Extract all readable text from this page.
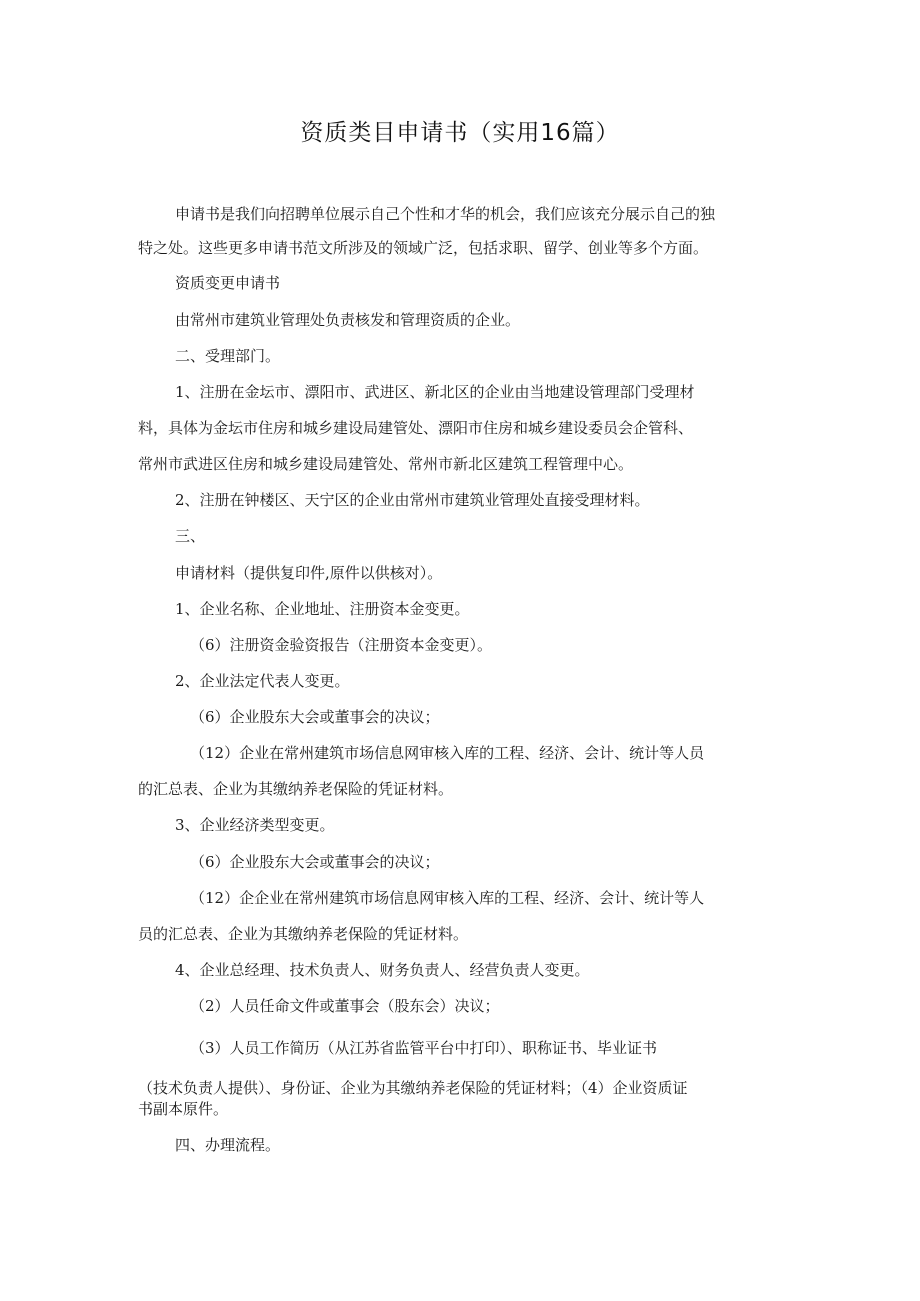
资质类目申请书（实用16篇）
申请书是我们向招聘单位展示自己个性和才华的机会，我们应该充分展示自己的独
特之处。这些更多申请书范文所涉及的领域广泛，包括求职、留学、创业等多个方面。
资质变更申请书
由常州市建筑业管理处负责核发和管理资质的企业。
二、受理部门。
1、注册在金坛市、漂阳市、武进区、新北区的企业由当地建设管理部门受理材
料，具体为金坛市住房和城乡建设局建管处、漂阳市住房和城乡建设委员会企管科、
常州市武进区住房和城乡建设局建管处、常州市新北区建筑工程管理中心。
2、注册在钟楼区、天宁区的企业由常州市建筑业管理处直接受理材料。
三、
申请材料（提供复印件,原件以供核对）。
1、企业名称、企业地址、注册资本金变更。
（6）注册资金验资报告（注册资本金变更）。
2、企业法定代表人变更。
（6）企业股东大会或董事会的决议；
（12）企业在常州建筑市场信息网审核入库的工程、经济、会计、统计等人员
的汇总表、企业为其缴纳养老保险的凭证材料。
3、企业经济类型变更。
（6）企业股东大会或董事会的决议；
（12）企企业在常州建筑市场信息网审核入库的工程、经济、会计、统计等人
员的汇总表、企业为其缴纳养老保险的凭证材料。
4、企业总经理、技术负责人、财务负责人、经营负责人变更。
（2）人员任命文件或董事会（股东会）决议；
（3）人员工作简历（从江苏省监管平台中打印）、职称证书、毕业证书
（技术负责人提供）、身份证、企业为其缴纳养老保险的凭证材料；（4）企业资质证
书副本原件。
四、办理流程。
